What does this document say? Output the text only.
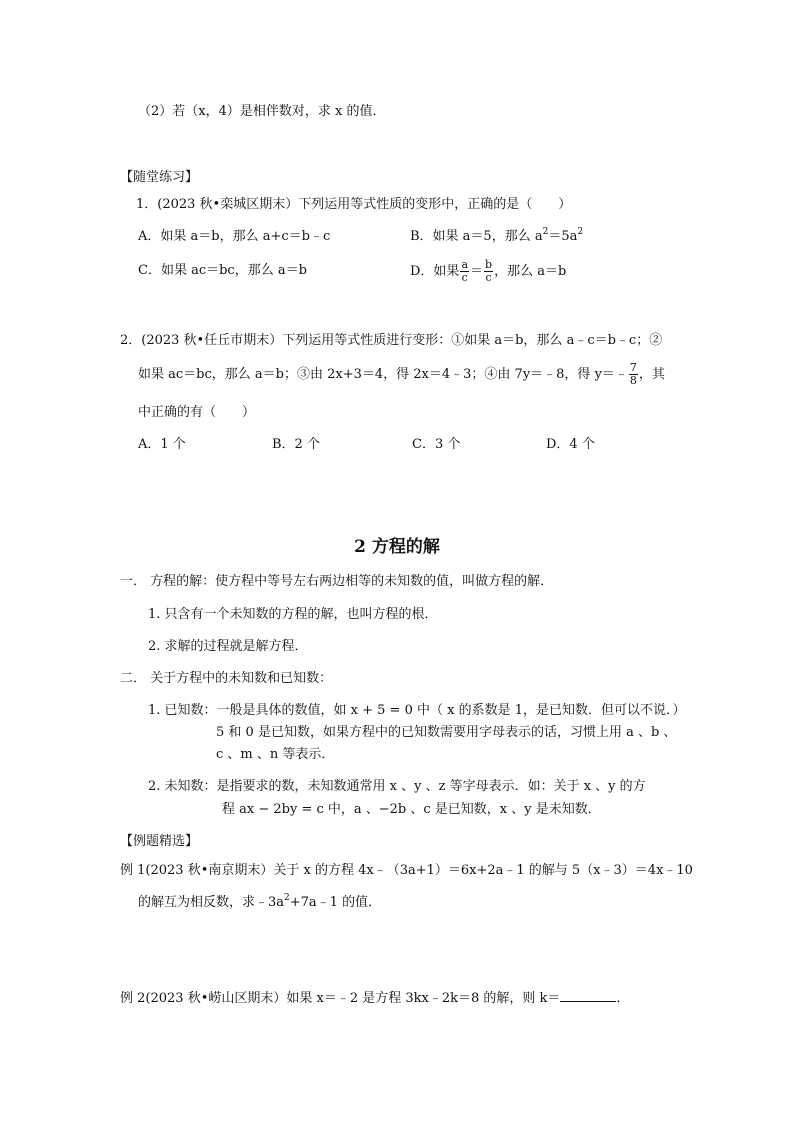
（2）若（x，4）是相伴数对，求 x 的值．
【随堂练习】
1．(2023 秋•栾城区期末）下列运用等式性质的变形中，正确的是（　　）
A．如果 a＝b，那么 a+c＝b﹣c	B．如果 a＝5，那么 $a^2=5a^2$
C．如果 ac＝bc，那么 a＝b	D．如果 $\frac{a}{c} = \frac{b}{c}$ ，那么 a＝b
2．(2023 秋•任丘市期末）下列运用等式性质进行变形：①如果 a＝b，那么 a﹣c＝b﹣c；②
如果 ac＝bc，那么 a＝b；③由 2x+3＝4，得 2x＝4﹣3；④由 7y＝﹣8，得 y＝﹣ $\frac{7}{8}$ ，其
中正确的有（　　）
A．1 个	B．2 个	C．3 个	D．4 个
2 方程的解
一． 方程的解：使方程中等号左右两边相等的未知数的值，叫做方程的解．
1. 只含有一个未知数的方程的解，也叫方程的根．
2. 求解的过程就是解方程．
二． 关于方程中的未知数和已知数：
1. 已知数：一般是具体的数值，如 x + 5 = 0 中（ x 的系数是 1，是已知数．但可以不说．）
5 和 0 是已知数，如果方程中的已知数需要用字母表示的话，习惯上用 a 、b 、
c 、m 、n 等表示．
2. 未知数：是指要求的数，未知数通常用 x 、y 、z 等字母表示．如：关于 x 、y 的方
程 ax − 2by = c 中，a 、−2b 、c 是已知数，x 、y 是未知数．
【例题精选】
例 1(2023 秋•南京期末）关于 x 的方程 4x﹣（3a+1）＝6x+2a﹣1 的解与 5（x﹣3）＝4x﹣10
的解互为相反数，求$﹣3a^2+7a﹣1$ 的值．
例 2(2023 秋•崂山区期末）如果 x＝﹣2 是方程 3kx﹣2k＝8 的解，则 k＝	．
